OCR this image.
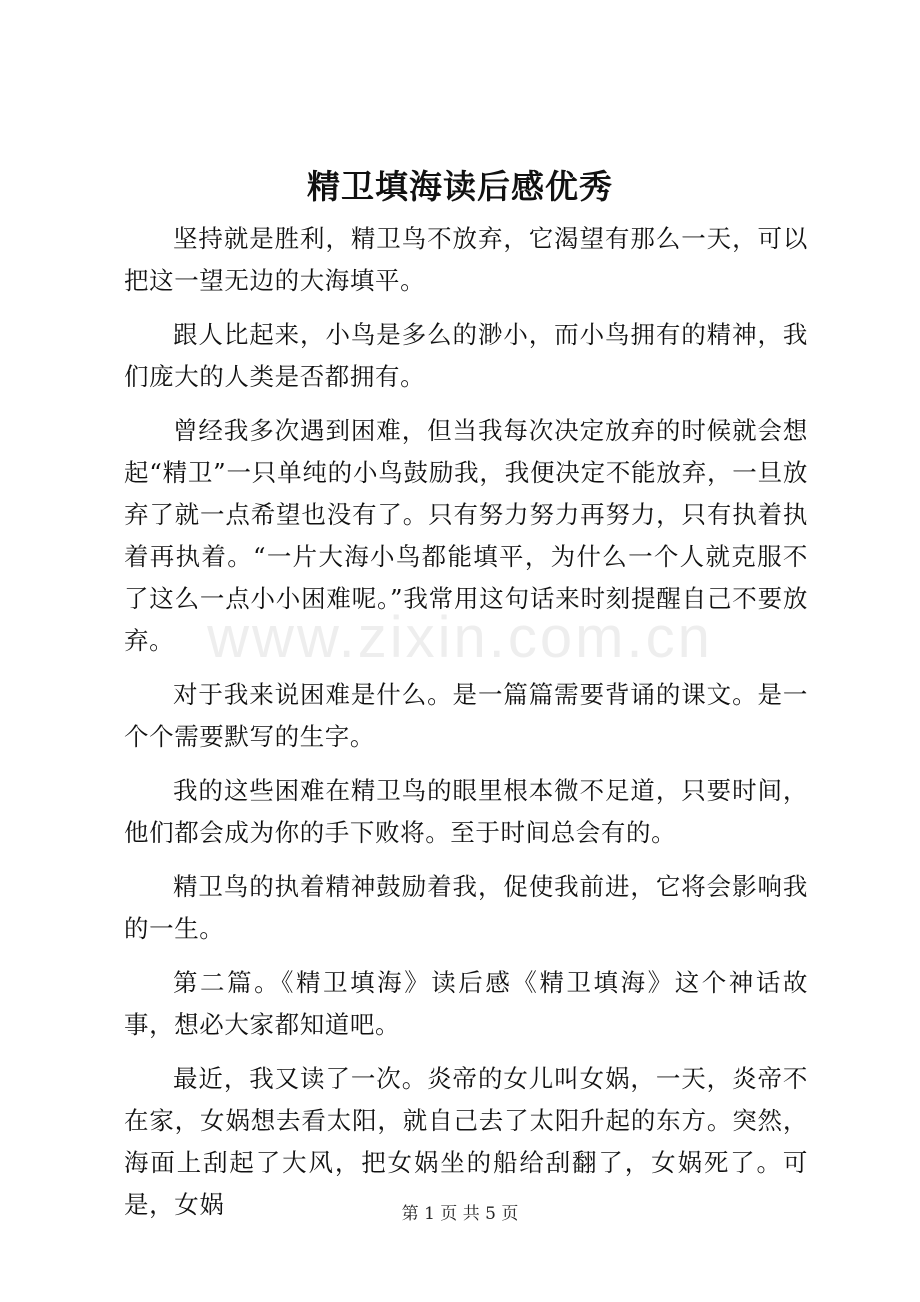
精卫填海读后感优秀

坚持就是胜利，精卫鸟不放弃，它渴望有那么一天，可以把这一望无边的大海填平。

跟人比起来，小鸟是多么的渺小，而小鸟拥有的精神，我们庞大的人类是否都拥有。

曾经我多次遇到困难，但当我每次决定放弃的时候就会想起“精卫”一只单纯的小鸟鼓励我，我便决定不能放弃，一旦放弃了就一点希望也没有了。只有努力努力再努力，只有执着执着再执着。“一片大海小鸟都能填平，为什么一个人就克服不了这么一点小小困难呢。”我常用这句话来时刻提醒自己不要放弃。

对于我来说困难是什么。是一篇篇需要背诵的课文。是一个个需要默写的生字。

我的这些困难在精卫鸟的眼里根本微不足道，只要时间，他们都会成为你的手下败将。至于时间总会有的。

精卫鸟的执着精神鼓励着我，促使我前进，它将会影响我的一生。

第二篇。《精卫填海》读后感《精卫填海》这个神话故事，想必大家都知道吧。

最近，我又读了一次。炎帝的女儿叫女娲，一天，炎帝不在家，女娲想去看太阳，就自己去了太阳升起的东方。突然，海面上刮起了大风，把女娲坐的船给刮翻了，女娲死了。可是，女娲

www.zixin.com.cn
第 1 页 共 5 页
